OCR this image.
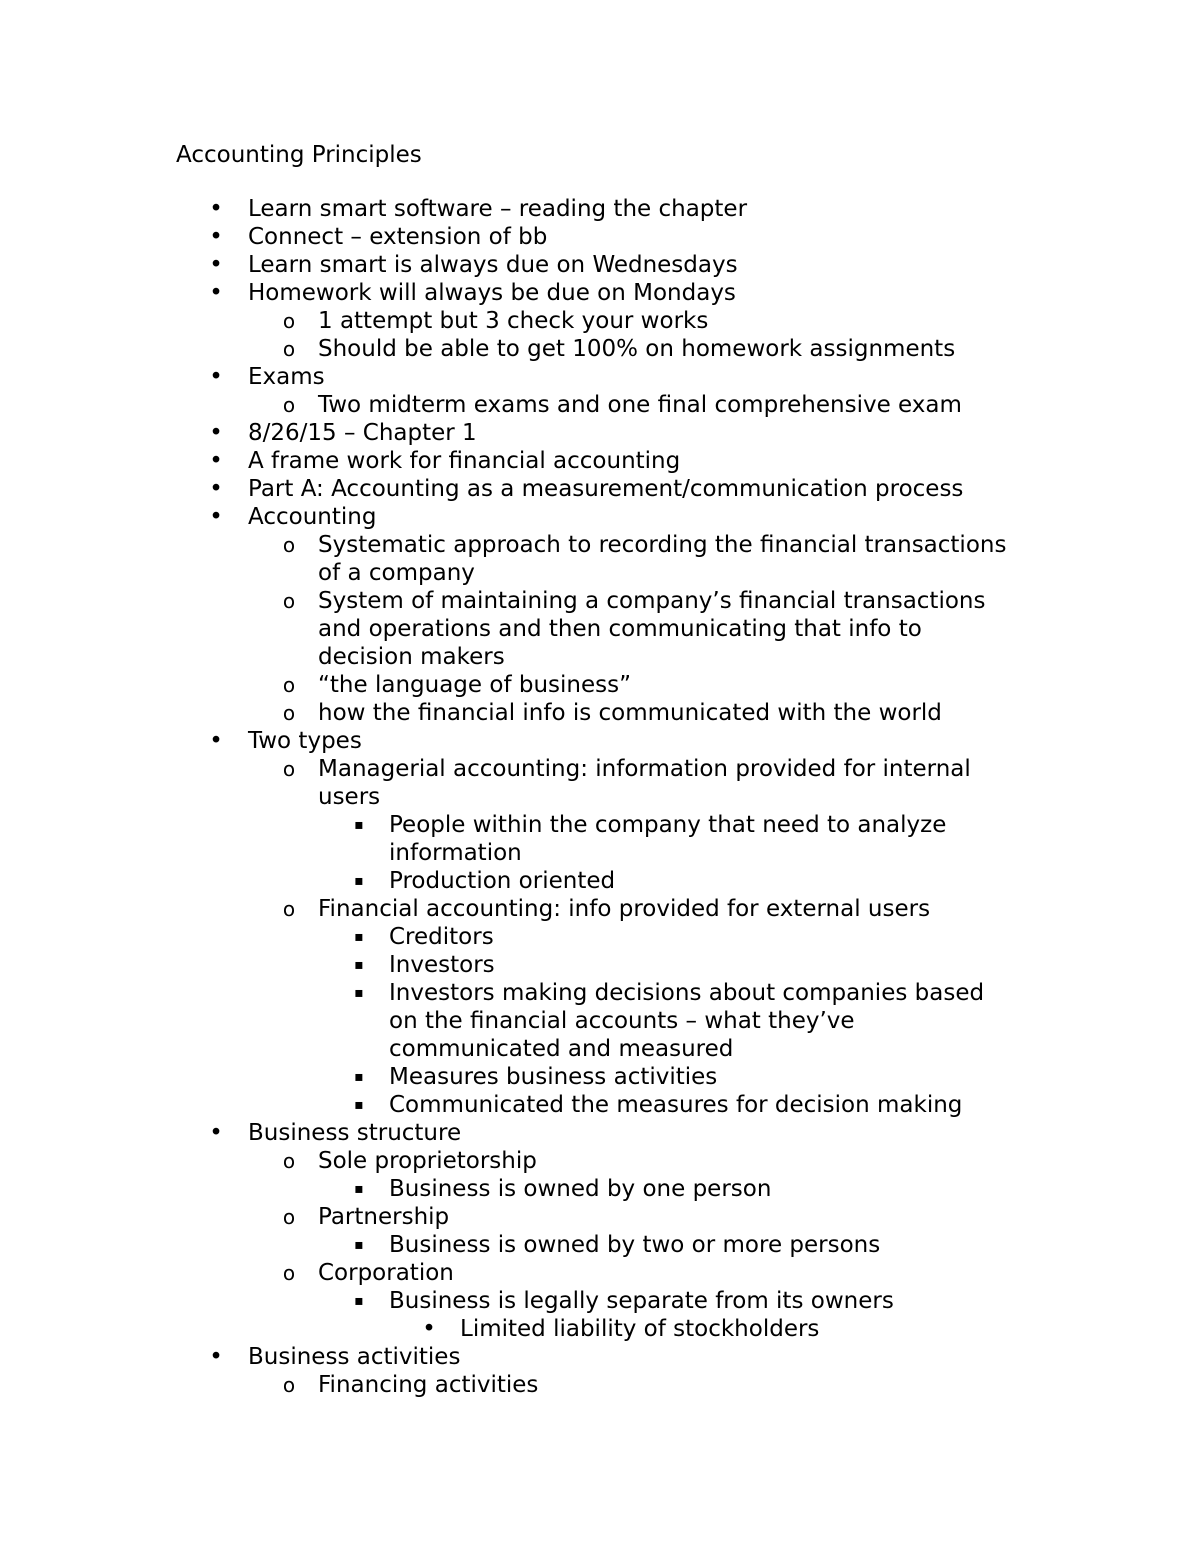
Accounting Principles
• Learn smart software – reading the chapter
• Connect – extension of bb
• Learn smart is always due on Wednesdays
• Homework will always be due on Mondays
o 1 attempt but 3 check your works
o Should be able to get 100% on homework assignments
• Exams
o Two midterm exams and one final comprehensive exam
• 8/26/15 – Chapter 1
• A frame work for financial accounting
• Part A: Accounting as a measurement/communication process
• Accounting
o Systematic approach to recording the financial transactions
of a company
o System of maintaining a company’s financial transactions
and operations and then communicating that info to
decision makers
o “the language of business”
o how the financial info is communicated with the world
• Two types
o Managerial accounting: information provided for internal
users
▪ People within the company that need to analyze
information
▪ Production oriented
o Financial accounting: info provided for external users
▪ Creditors
▪ Investors
▪ Investors making decisions about companies based
on the financial accounts – what they’ve
communicated and measured
▪ Measures business activities
▪ Communicated the measures for decision making
• Business structure
o Sole proprietorship
▪ Business is owned by one person
o Partnership
▪ Business is owned by two or more persons
o Corporation
▪ Business is legally separate from its owners
• Limited liability of stockholders
• Business activities
o Financing activities
